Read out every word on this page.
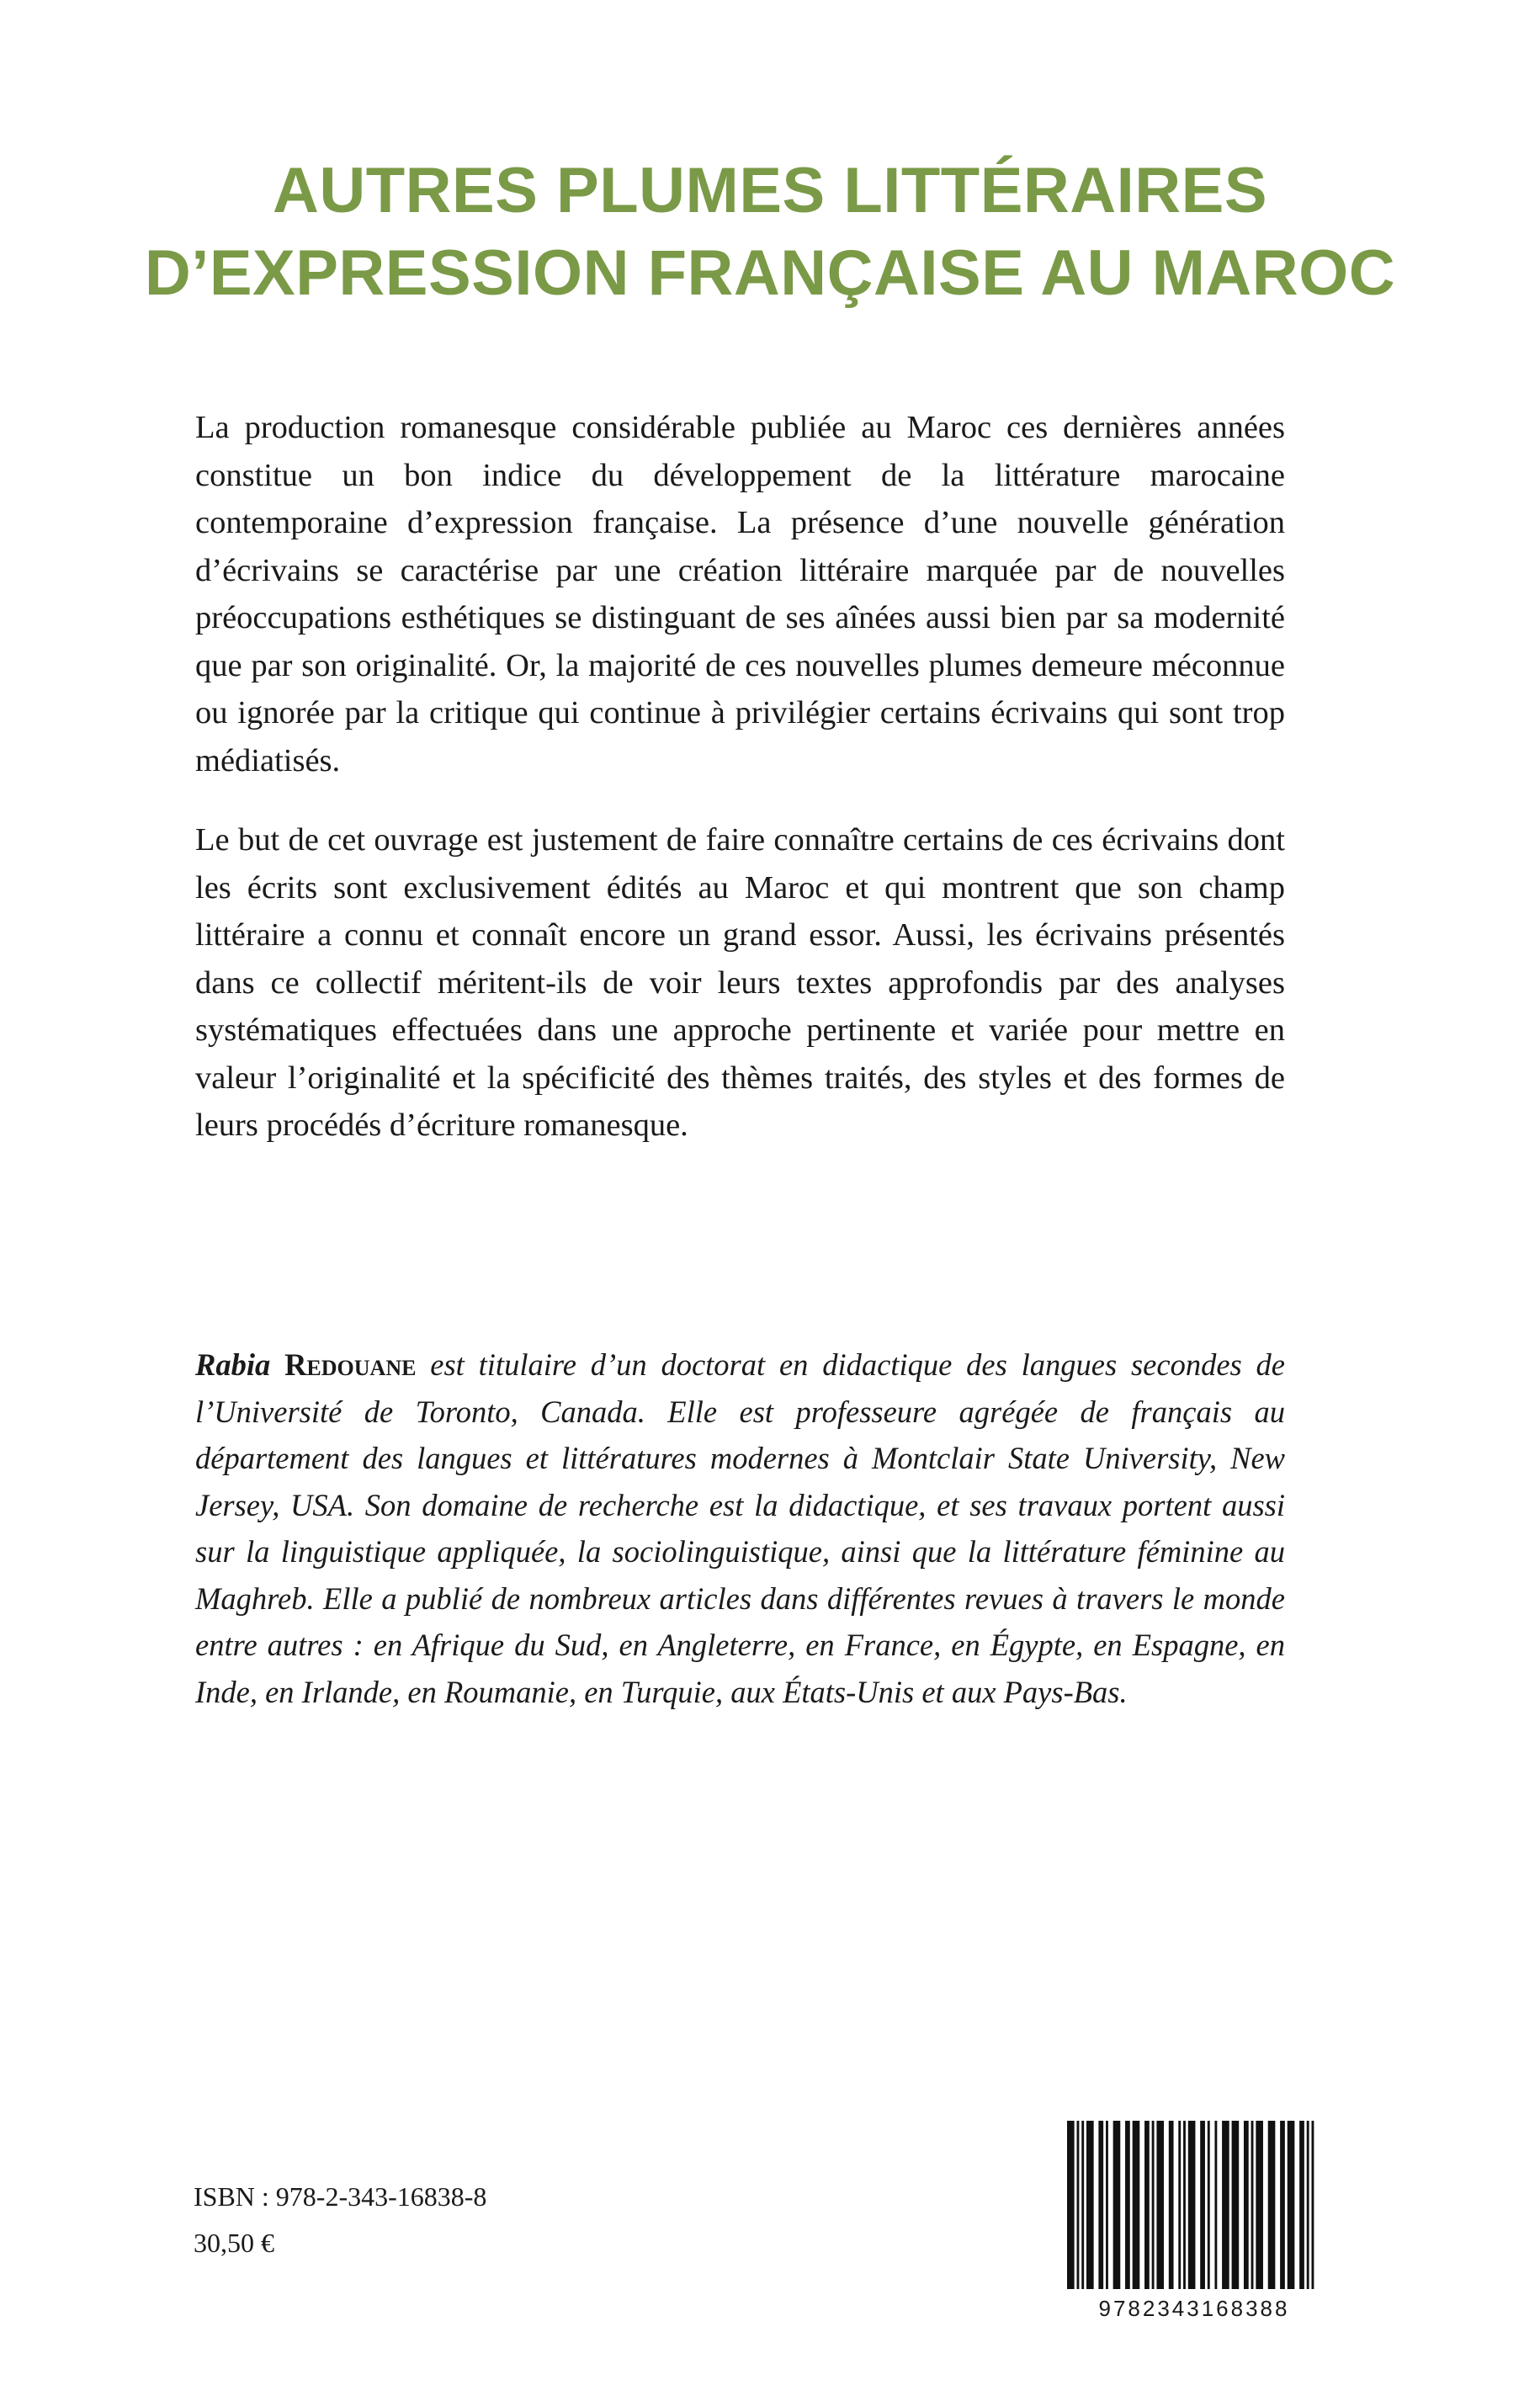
AUTRES PLUMES LITTÉRAIRES
D’EXPRESSION FRANÇAISE AU MAROC

La production romanesque considérable publiée au Maroc ces dernières années constitue un bon indice du développement de la littérature marocaine contemporaine d’expression française. La présence d’une nouvelle génération d’écrivains se caractérise par une création littéraire marquée par de nouvelles préoccupations esthétiques se distinguant de ses aînées aussi bien par sa modernité que par son originalité. Or, la majorité de ces nouvelles plumes demeure méconnue ou ignorée par la critique qui continue à privilégier certains écrivains qui sont trop médiatisés.

Le but de cet ouvrage est justement de faire connaître certains de ces écrivains dont les écrits sont exclusivement édités au Maroc et qui montrent que son champ littéraire a connu et connaît encore un grand essor. Aussi, les écrivains présentés dans ce collectif méritent-ils de voir leurs textes approfondis par des analyses systématiques effectuées dans une approche pertinente et variée pour mettre en valeur l’originalité et la spécificité des thèmes traités, des styles et des formes de leurs procédés d’écriture romanesque.

Rabia Redouane est titulaire d’un doctorat en didactique des langues secondes de l’Université de Toronto, Canada. Elle est professeure agrégée de français au département des langues et littératures modernes à Montclair State University, New Jersey, USA. Son domaine de recherche est la didactique, et ses travaux portent aussi sur la linguistique appliquée, la sociolinguistique, ainsi que la littérature féminine au Maghreb. Elle a publié de nombreux articles dans différentes revues à travers le monde entre autres : en Afrique du Sud, en Angleterre, en France, en Égypte, en Espagne, en Inde, en Irlande, en Roumanie, en Turquie, aux États-Unis et aux Pays-Bas.

ISBN : 978-2-343-16838-8
30,50 €
9782343168388
